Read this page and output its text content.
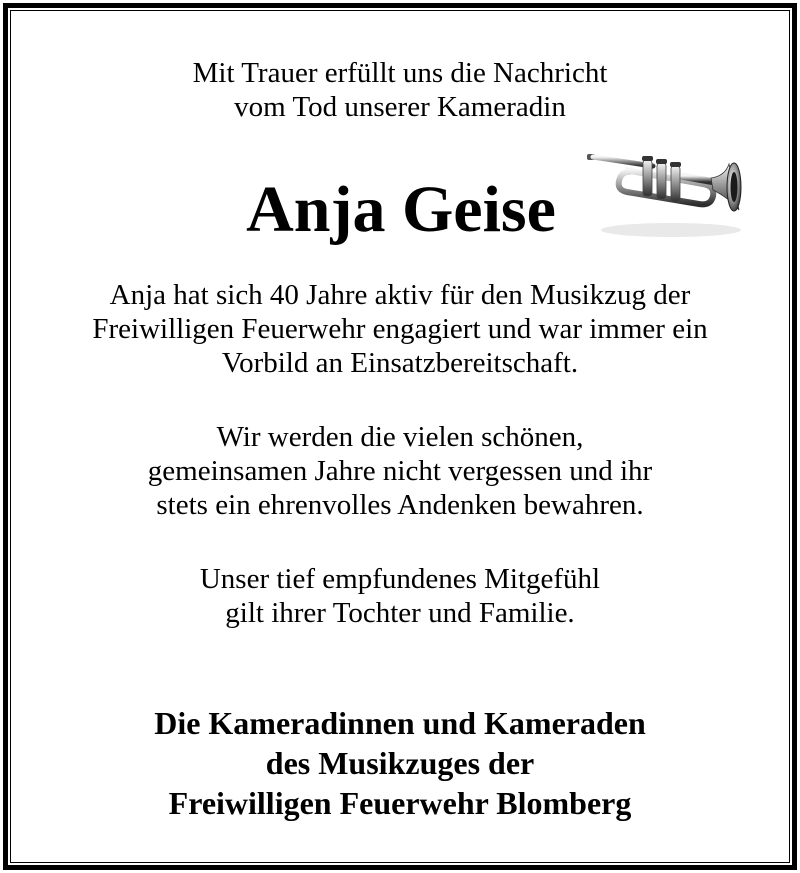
Mit Trauer erfüllt uns die Nachricht
vom Tod unserer Kameradin
Anja Geise
Anja hat sich 40 Jahre aktiv für den Musikzug der
Freiwilligen Feuerwehr engagiert und war immer ein
Vorbild an Einsatzbereitschaft.
Wir werden die vielen schönen,
gemeinsamen Jahre nicht vergessen und ihr
stets ein ehrenvolles Andenken bewahren.
Unser tief empfundenes Mitgefühl
gilt ihrer Tochter und Familie.
Die Kameradinnen und Kameraden
des Musikzuges der
Freiwilligen Feuerwehr Blomberg
